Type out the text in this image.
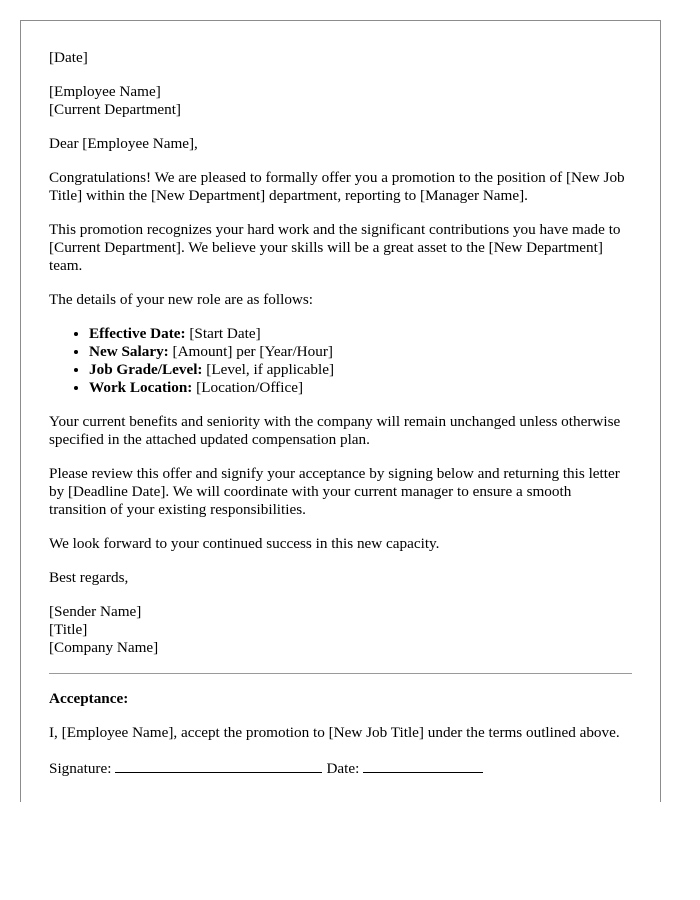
[Date]

[Employee Name]
[Current Department]

Dear [Employee Name],

Congratulations! We are pleased to formally offer you a promotion to the position of [New Job Title] within the [New Department] department, reporting to [Manager Name].

This promotion recognizes your hard work and the significant contributions you have made to [Current Department]. We believe your skills will be a great asset to the [New Department] team.

The details of your new role are as follows:

• Effective Date: [Start Date]
• New Salary: [Amount] per [Year/Hour]
• Job Grade/Level: [Level, if applicable]
• Work Location: [Location/Office]

Your current benefits and seniority with the company will remain unchanged unless otherwise specified in the attached updated compensation plan.

Please review this offer and signify your acceptance by signing below and returning this letter by [Deadline Date]. We will coordinate with your current manager to ensure a smooth transition of your existing responsibilities.

We look forward to your continued success in this new capacity.

Best regards,

[Sender Name]
[Title]
[Company Name]

Acceptance:

I, [Employee Name], accept the promotion to [New Job Title] under the terms outlined above.

Signature:	Date:
